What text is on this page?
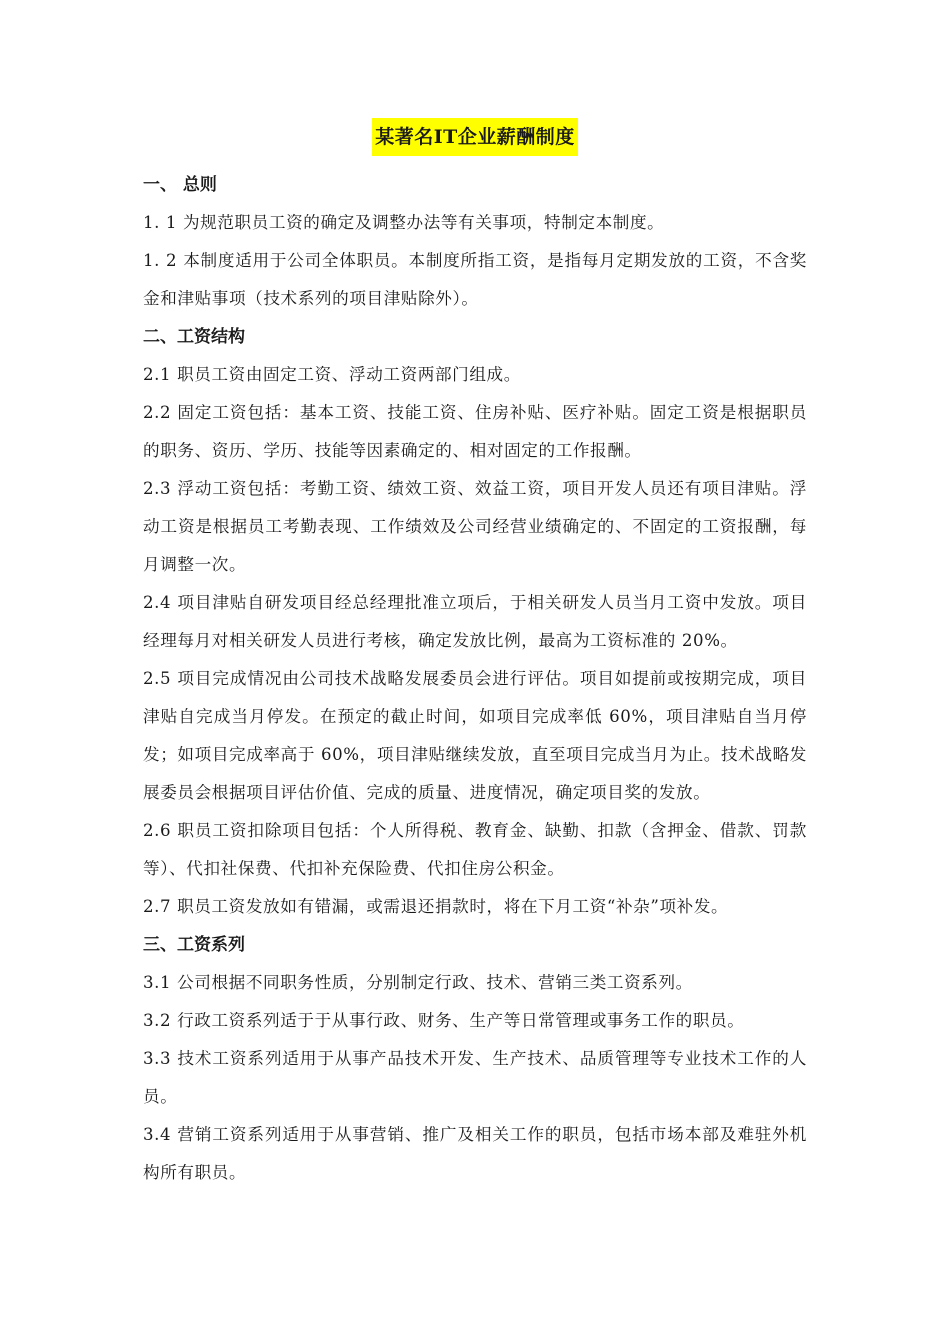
某著名IT企业薪酬制度
一、 总则

1. 1 为规范职员工资的确定及调整办法等有关事项，特制定本制度。

1. 2 本制度适用于公司全体职员。本制度所指工资，是指每月定期发放的工资，不含奖金和津贴事项（技术系列的项目津贴除外）。

二、工资结构

2.1 职员工资由固定工资、浮动工资两部门组成。

2.2 固定工资包括：基本工资、技能工资、住房补贴、医疗补贴。固定工资是根据职员的职务、资历、学历、技能等因素确定的、相对固定的工作报酬。

2.3 浮动工资包括：考勤工资、绩效工资、效益工资，项目开发人员还有项目津贴。浮动工资是根据员工考勤表现、工作绩效及公司经营业绩确定的、不固定的工资报酬，每月调整一次。

2.4 项目津贴自研发项目经总经理批准立项后，于相关研发人员当月工资中发放。项目经理每月对相关研发人员进行考核，确定发放比例，最高为工资标准的 20%。

2.5 项目完成情况由公司技术战略发展委员会进行评估。项目如提前或按期完成，项目津贴自完成当月停发。在预定的截止时间，如项目完成率低 60%，项目津贴自当月停发；如项目完成率高于 60%，项目津贴继续发放，直至项目完成当月为止。技术战略发展委员会根据项目评估价值、完成的质量、进度情况，确定项目奖的发放。

2.6 职员工资扣除项目包括：个人所得税、教育金、缺勤、扣款（含押金、借款、罚款等）、代扣社保费、代扣补充保险费、代扣住房公积金。

2.7 职员工资发放如有错漏，或需退还捐款时，将在下月工资“补杂”项补发。

三、工资系列

3.1 公司根据不同职务性质，分别制定行政、技术、营销三类工资系列。

3.2 行政工资系列适于于从事行政、财务、生产等日常管理或事务工作的职员。

3.3 技术工资系列适用于从事产品技术开发、生产技术、品质管理等专业技术工作的人员。

3.4 营销工资系列适用于从事营销、推广及相关工作的职员，包括市场本部及难驻外机构所有职员。
